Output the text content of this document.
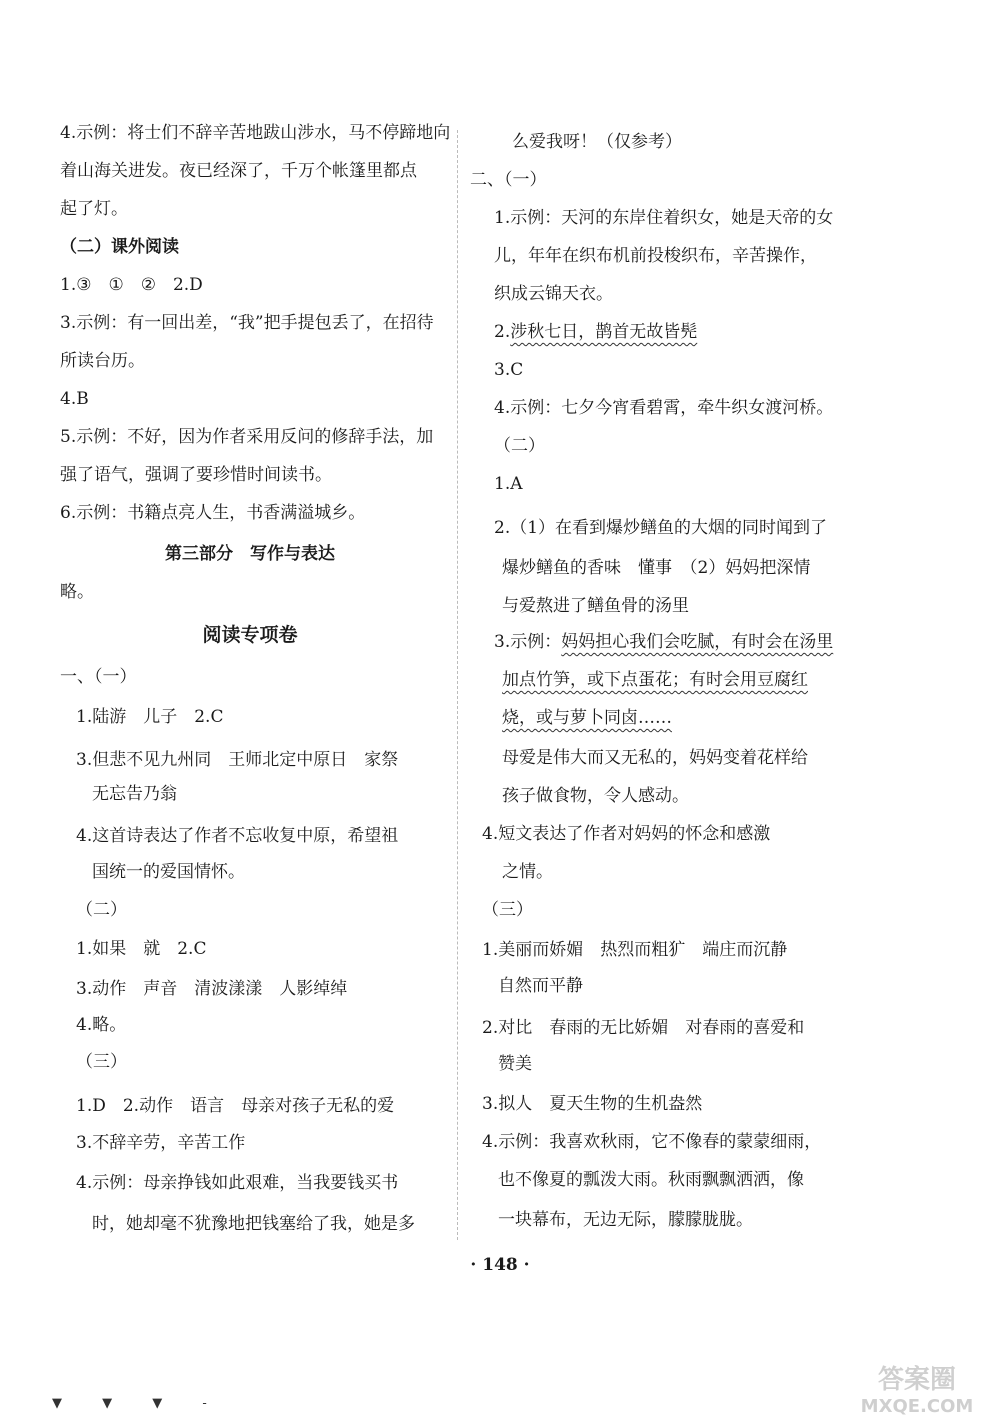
4.示例：将士们不辞辛苦地跋山涉水，马不停蹄地向
着山海关进发。夜已经深了，千万个帐篷里都点
起了灯。
（二）课外阅读
1.③　①　②　2.D
3.示例：有一回出差，“我”把手提包丢了，在招待
所读台历。
4.B
5.示例：不好，因为作者采用反问的修辞手法，加
强了语气，强调了要珍惜时间读书。
6.示例：书籍点亮人生，书香满溢城乡。
第三部分　写作与表达
略。
阅读专项卷
一、（一）
1.陆游　儿子　2.C
3.但悲不见九州同　王师北定中原日　家祭
无忘告乃翁
4.这首诗表达了作者不忘收复中原，希望祖
国统一的爱国情怀。
（二）
1.如果　就　2.C
3.动作　声音　清波漾漾　人影绰绰
4.略。
（三）
1.D　2.动作　语言　母亲对孩子无私的爱
3.不辞辛劳，辛苦工作
4.示例：母亲挣钱如此艰难，当我要钱买书
时，她却毫不犹豫地把钱塞给了我，她是多
么爱我呀！（仅参考）
二、（一）
1.示例：天河的东岸住着织女，她是天帝的女
儿，年年在织布机前投梭织布，辛苦操作，
织成云锦天衣。
2.涉秋七日，鹊首无故皆髡
3.C
4.示例：七夕今宵看碧霄，牵牛织女渡河桥。
（二）
1.A
2.（1）在看到爆炒鳝鱼的大烟的同时闻到了
爆炒鳝鱼的香味　懂事　（2）妈妈把深情
与爱熬进了鳝鱼骨的汤里
3.示例：妈妈担心我们会吃腻，有时会在汤里
加点竹笋，或下点蛋花；有时会用豆腐红
烧，或与萝卜同卤……
母爱是伟大而又无私的，妈妈变着花样给
孩子做食物，令人感动。
4.短文表达了作者对妈妈的怀念和感激
之情。
（三）
1.美丽而娇媚　热烈而粗犷　端庄而沉静
自然而平静
2.对比　春雨的无比娇媚　对春雨的喜爱和
赞美
3.拟人　夏天生物的生机盎然
4.示例：我喜欢秋雨，它不像春的蒙蒙细雨，
也不像夏的瓢泼大雨。秋雨飘飘洒洒，像
一块幕布，无边无际，朦朦胧胧。
· 148 ·
▼ ▼ ▼ -
答案圈
MXQE.COM
